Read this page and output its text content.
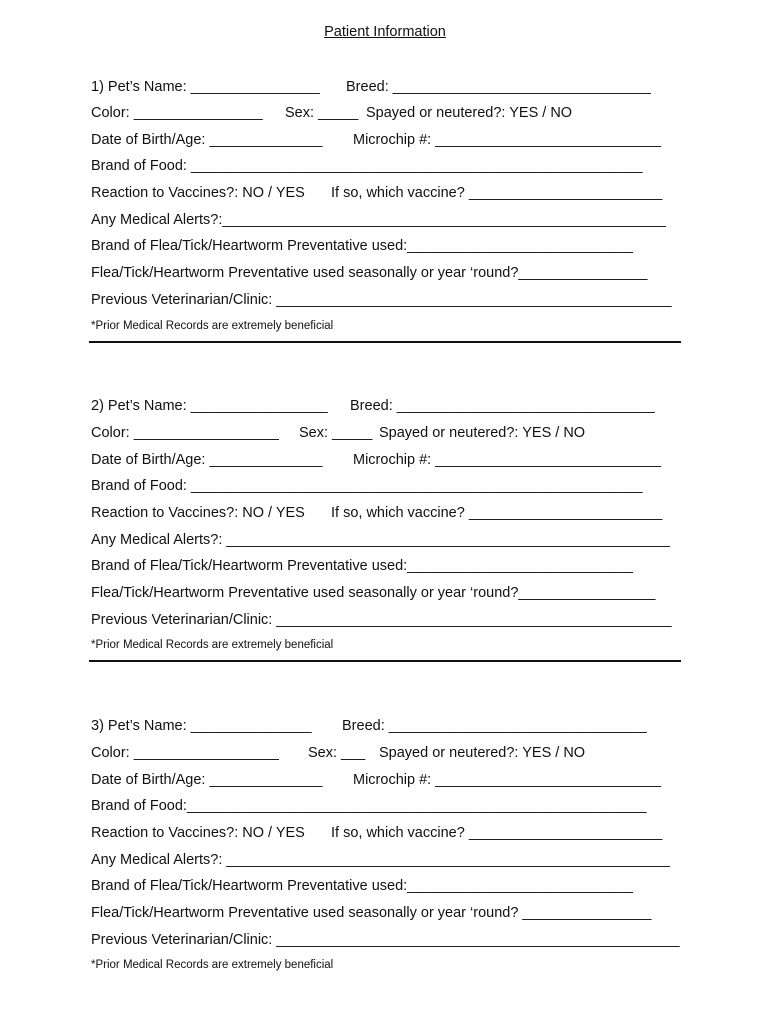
Patient Information

1) Pet’s Name: ________________

Breed: ________________________________

Color: ________________

Sex: _____

Spayed or neutered?: YES / NO

Date of Birth/Age: ______________

Microchip #: ____________________________

Brand of Food: ________________________________________________________

Reaction to Vaccines?: NO / YES

If so, which vaccine? ________________________

Any Medical Alerts?:_______________________________________________________
Brand of Flea/Tick/Heartworm Preventative used:____________________________
Flea/Tick/Heartworm Preventative used seasonally or year ‘round?________________
Previous Veterinarian/Clinic: _________________________________________________
*Prior Medical Records are extremely beneficial

2) Pet’s Name: _________________

Breed: ________________________________

Color: __________________

Sex: _____

Spayed or neutered?: YES / NO

Date of Birth/Age: ______________

Microchip #: ____________________________

Brand of Food: ________________________________________________________

Reaction to Vaccines?: NO / YES

If so, which vaccine? ________________________

Any Medical Alerts?: _______________________________________________________
Brand of Flea/Tick/Heartworm Preventative used:____________________________
Flea/Tick/Heartworm Preventative used seasonally or year ‘round?_________________
Previous Veterinarian/Clinic: _________________________________________________
*Prior Medical Records are extremely beneficial

3) Pet’s Name: _______________

Breed: ________________________________

Color: __________________

Sex: ___

Spayed or neutered?: YES / NO

Date of Birth/Age: ______________

Microchip #: ____________________________

Brand of Food:_________________________________________________________

Reaction to Vaccines?: NO / YES

If so, which vaccine? ________________________

Any Medical Alerts?: _______________________________________________________
Brand of Flea/Tick/Heartworm Preventative used:____________________________
Flea/Tick/Heartworm Preventative used seasonally or year ‘round? ________________
Previous Veterinarian/Clinic: __________________________________________________
*Prior Medical Records are extremely beneficial
